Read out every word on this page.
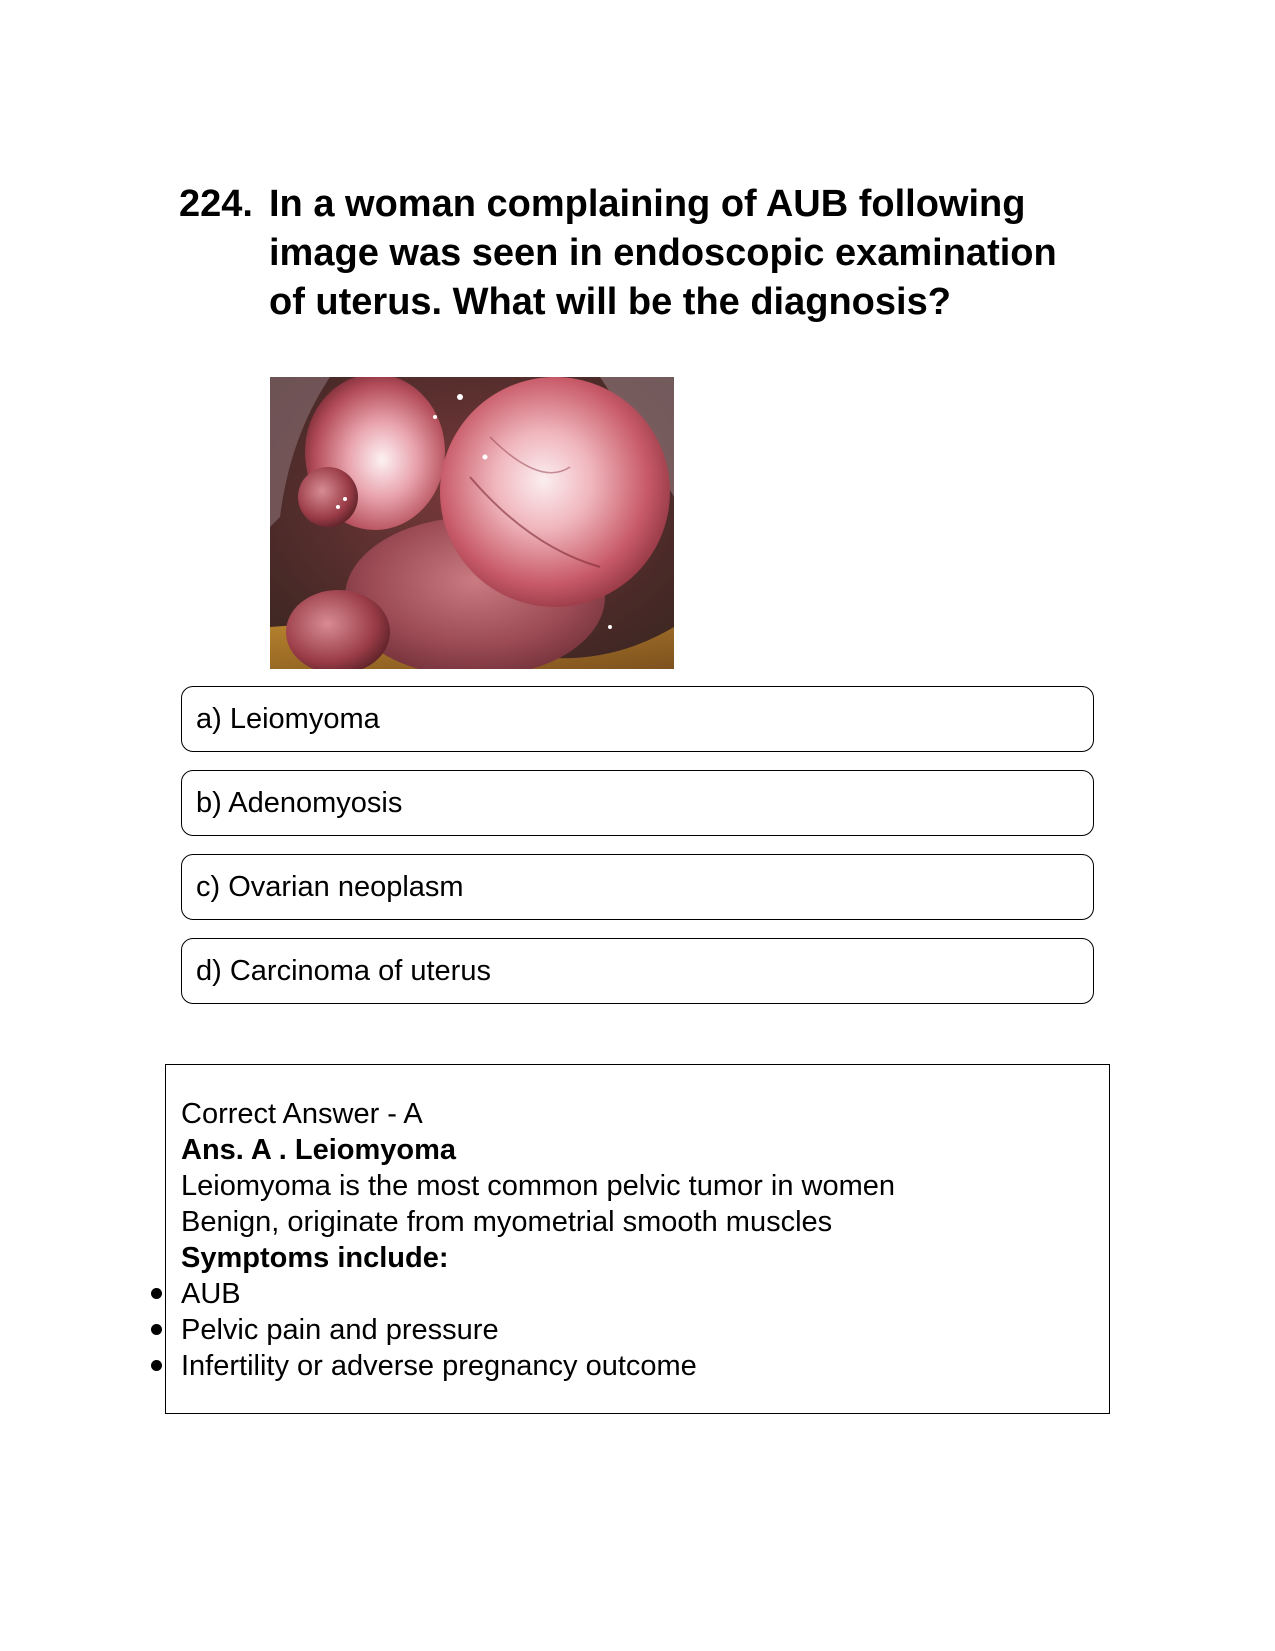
224. In a woman complaining of AUB following image was seen in endoscopic examination of uterus. What will be the diagnosis?
a) Leiomyoma
b) Adenomyosis
c) Ovarian neoplasm
d) Carcinoma of uterus
Correct Answer - A
Ans. A . Leiomyoma
Leiomyoma is the most common pelvic tumor in women
Benign, originate from myometrial smooth muscles
Symptoms include:
AUB
Pelvic pain and pressure
Infertility or adverse pregnancy outcome
